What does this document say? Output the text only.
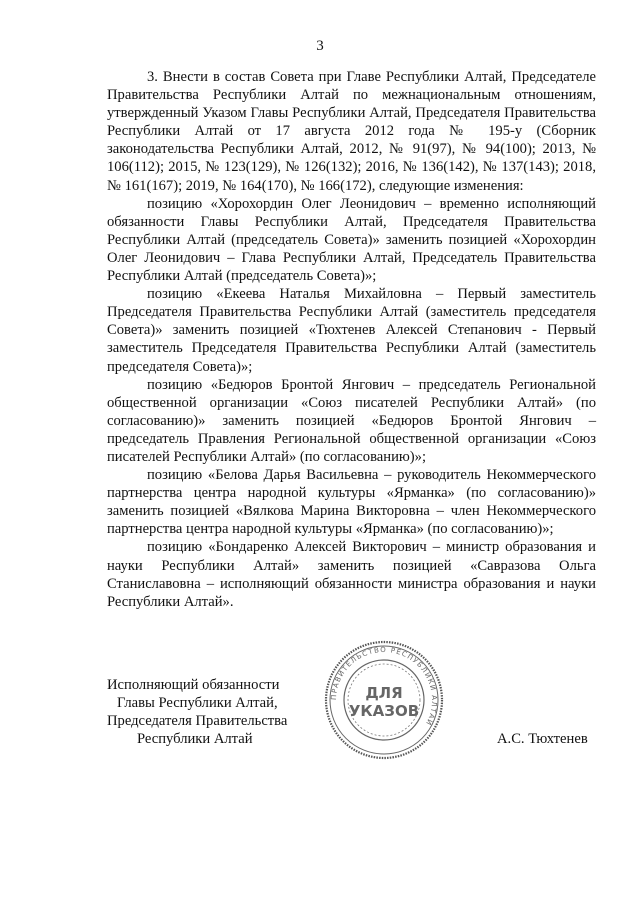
3

3. Внести в состав Совета при Главе Республики Алтай, Председателе Правительства Республики Алтай по межнациональным отношениям, утвержденный Указом Главы Республики Алтай, Председателя Правительства Республики Алтай от 17 августа 2012 года № 195-у (Сборник законодательства Республики Алтай, 2012, № 91(97), № 94(100); 2013, № 106(112); 2015, № 123(129), № 126(132); 2016, № 136(142), № 137(143); 2018, № 161(167); 2019, № 164(170), № 166(172), следующие изменения:

позицию «Хорохордин Олег Леонидович – временно исполняющий обязанности Главы Республики Алтай, Председателя Правительства Республики Алтай (председатель Совета)» заменить позицией «Хорохордин Олег Леонидович – Глава Республики Алтай, Председатель Правительства Республики Алтай (председатель Совета)»;

позицию «Екеева Наталья Михайловна – Первый заместитель Председателя Правительства Республики Алтай (заместитель председателя Совета)» заменить позицией «Тюхтенев Алексей Степанович - Первый заместитель Председателя Правительства Республики Алтай (заместитель председателя Совета)»;

позицию «Бедюров Бронтой Янгович – председатель Региональной общественной организации «Союз писателей Республики Алтай» (по согласованию)» заменить позицией «Бедюров Бронтой Янгович – председатель Правления Региональной общественной организации «Союз писателей Республики Алтай» (по согласованию)»;

позицию «Белова Дарья Васильевна – руководитель Некоммерческого партнерства центра народной культуры «Ярманка» (по согласованию)» заменить позицией «Вялкова Марина Викторовна – член Некоммерческого партнерства центра народной культуры «Ярманка» (по согласованию)»;

позицию «Бондаренко Алексей Викторович – министр образования и науки Республики Алтай» заменить позицией «Савразова Ольга Станиславовна – исполняющий обязанности министра образования и науки Республики Алтай».

Исполняющий обязанности
Главы Республики Алтай,
Председателя Правительства
Республики Алтай
ПРАВИТЕЛЬСТВО РЕСПУБЛИКИ АЛТАЙ
ДЛЯ
УКАЗОВ
А.С. Тюхтенев
